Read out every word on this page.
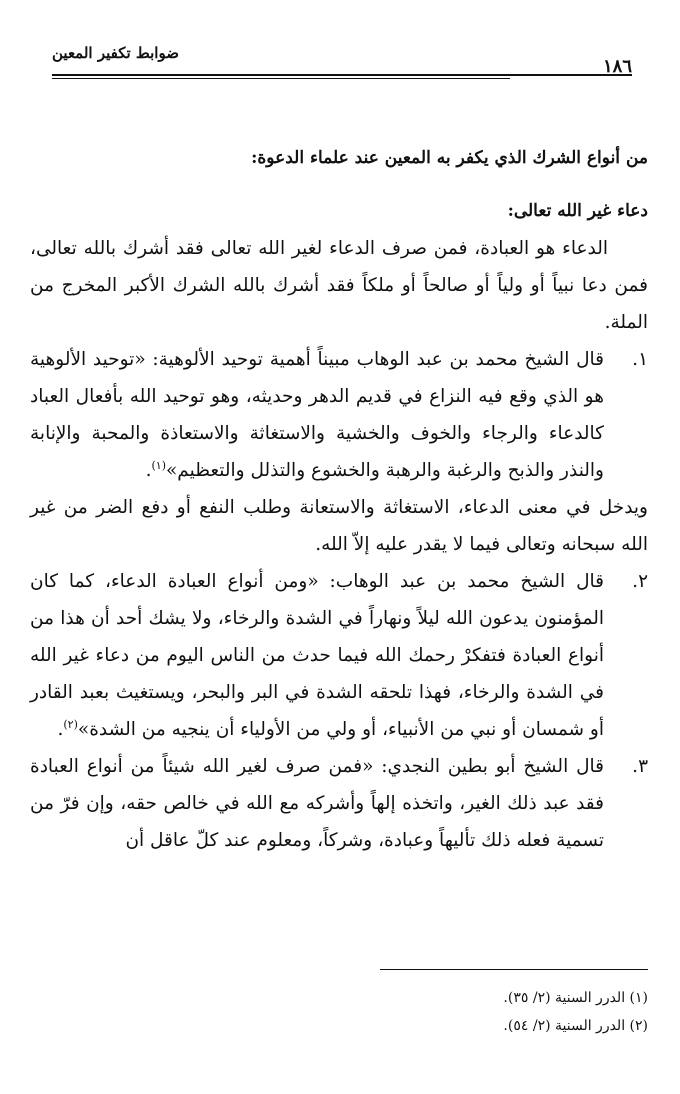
١٨٦
ضوابط تكفير المعين
من أنواع الشرك الذي يكفر به المعين عند علماء الدعوة:
دعاء غير الله تعالى:

الدعاء هو العبادة، فمن صرف الدعاء لغير الله تعالى فقد أشرك بالله تعالى، فمن دعا نبياً أو ولياً أو صالحاً أو ملكاً فقد أشرك بالله الشرك الأكبر المخرج من الملة.

١.
قال الشيخ محمد بن عبد الوهاب مبيناً أهمية توحيد الألوهية: «توحيد الألوهية هو الذي وقع فيه النزاع في قديم الدهر وحديثه، وهو توحيد الله بأفعال العباد كالدعاء والرجاء والخوف والخشية والاستغاثة والاستعاذة والمحبة والإنابة والنذر والذبح والرغبة والرهبة والخشوع والتذلل والتعظيم»$^{(١)}$.
ويدخل في معنى الدعاء، الاستغاثة والاستعانة وطلب النفع أو دفع الضر من غير الله سبحانه وتعالى فيما لا يقدر عليه إلاّ الله.
٢.
قال الشيخ محمد بن عبد الوهاب: «ومن أنواع العبادة الدعاء، كما كان المؤمنون يدعون الله ليلاً ونهاراً في الشدة والرخاء، ولا يشك أحد أن هذا من أنواع العبادة فتفكرْ رحمك الله فيما حدث من الناس اليوم من دعاء غير الله في الشدة والرخاء، فهذا تلحقه الشدة في البر والبحر، ويستغيث بعبد القادر أو شمسان أو نبي من الأنبياء، أو ولي من الأولياء أن ينجيه من الشدة»$^{(٢)}$.
٣.
قال الشيخ أبو بطين النجدي: «فمن صرف لغير الله شيئاً من أنواع العبادة فقد عبد ذلك الغير، واتخذه إلهاً وأشركه مع الله في خالص حقه، وإن فرّ من تسمية فعله ذلك تأليهاً وعبادة، وشركاً، ومعلوم عند كلّ عاقل أن
(١) الدرر السنية (٢/ ٣٥).
(٢) الدرر السنية (٢/ ٥٤).
